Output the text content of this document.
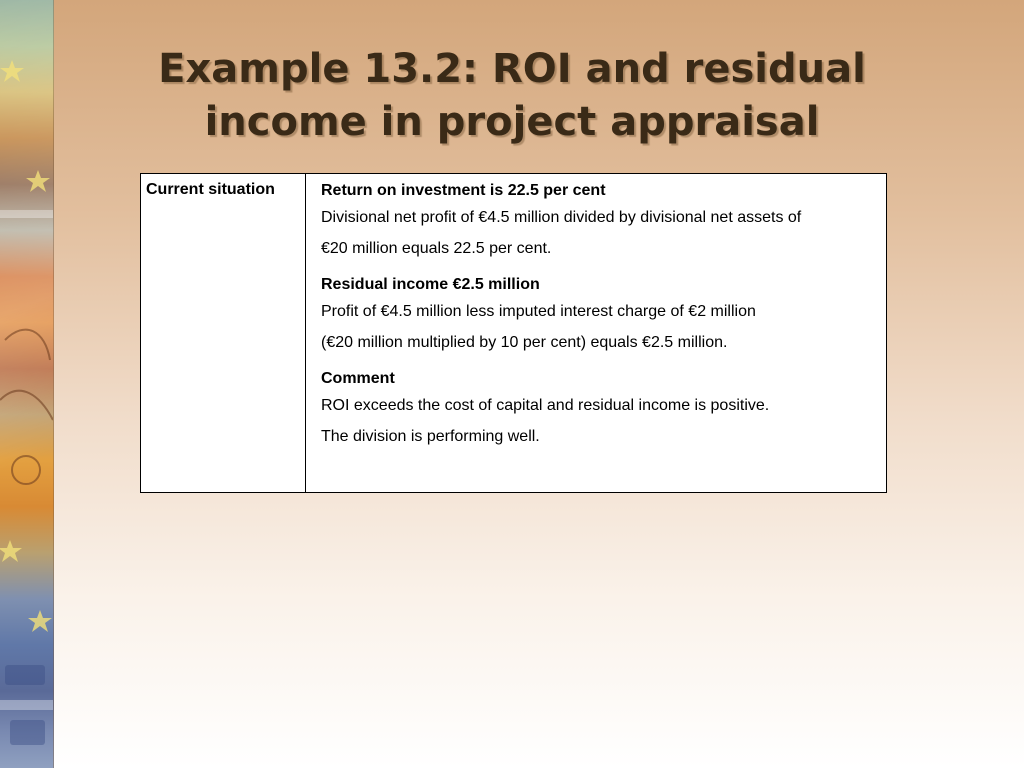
Example 13.2: ROI and residual
income in project appraisal
Current situation	Return on investment is 22.5 per cent

Divisional net profit of €4.5 million divided by divisional net assets of

€20 million equals 22.5 per cent.

Residual income €2.5 million

Profit of €4.5 million less imputed interest charge of €2 million

(€20 million multiplied by 10 per cent) equals €2.5 million.

Comment

ROI exceeds the cost of capital and residual income is positive.

The division is performing well.
